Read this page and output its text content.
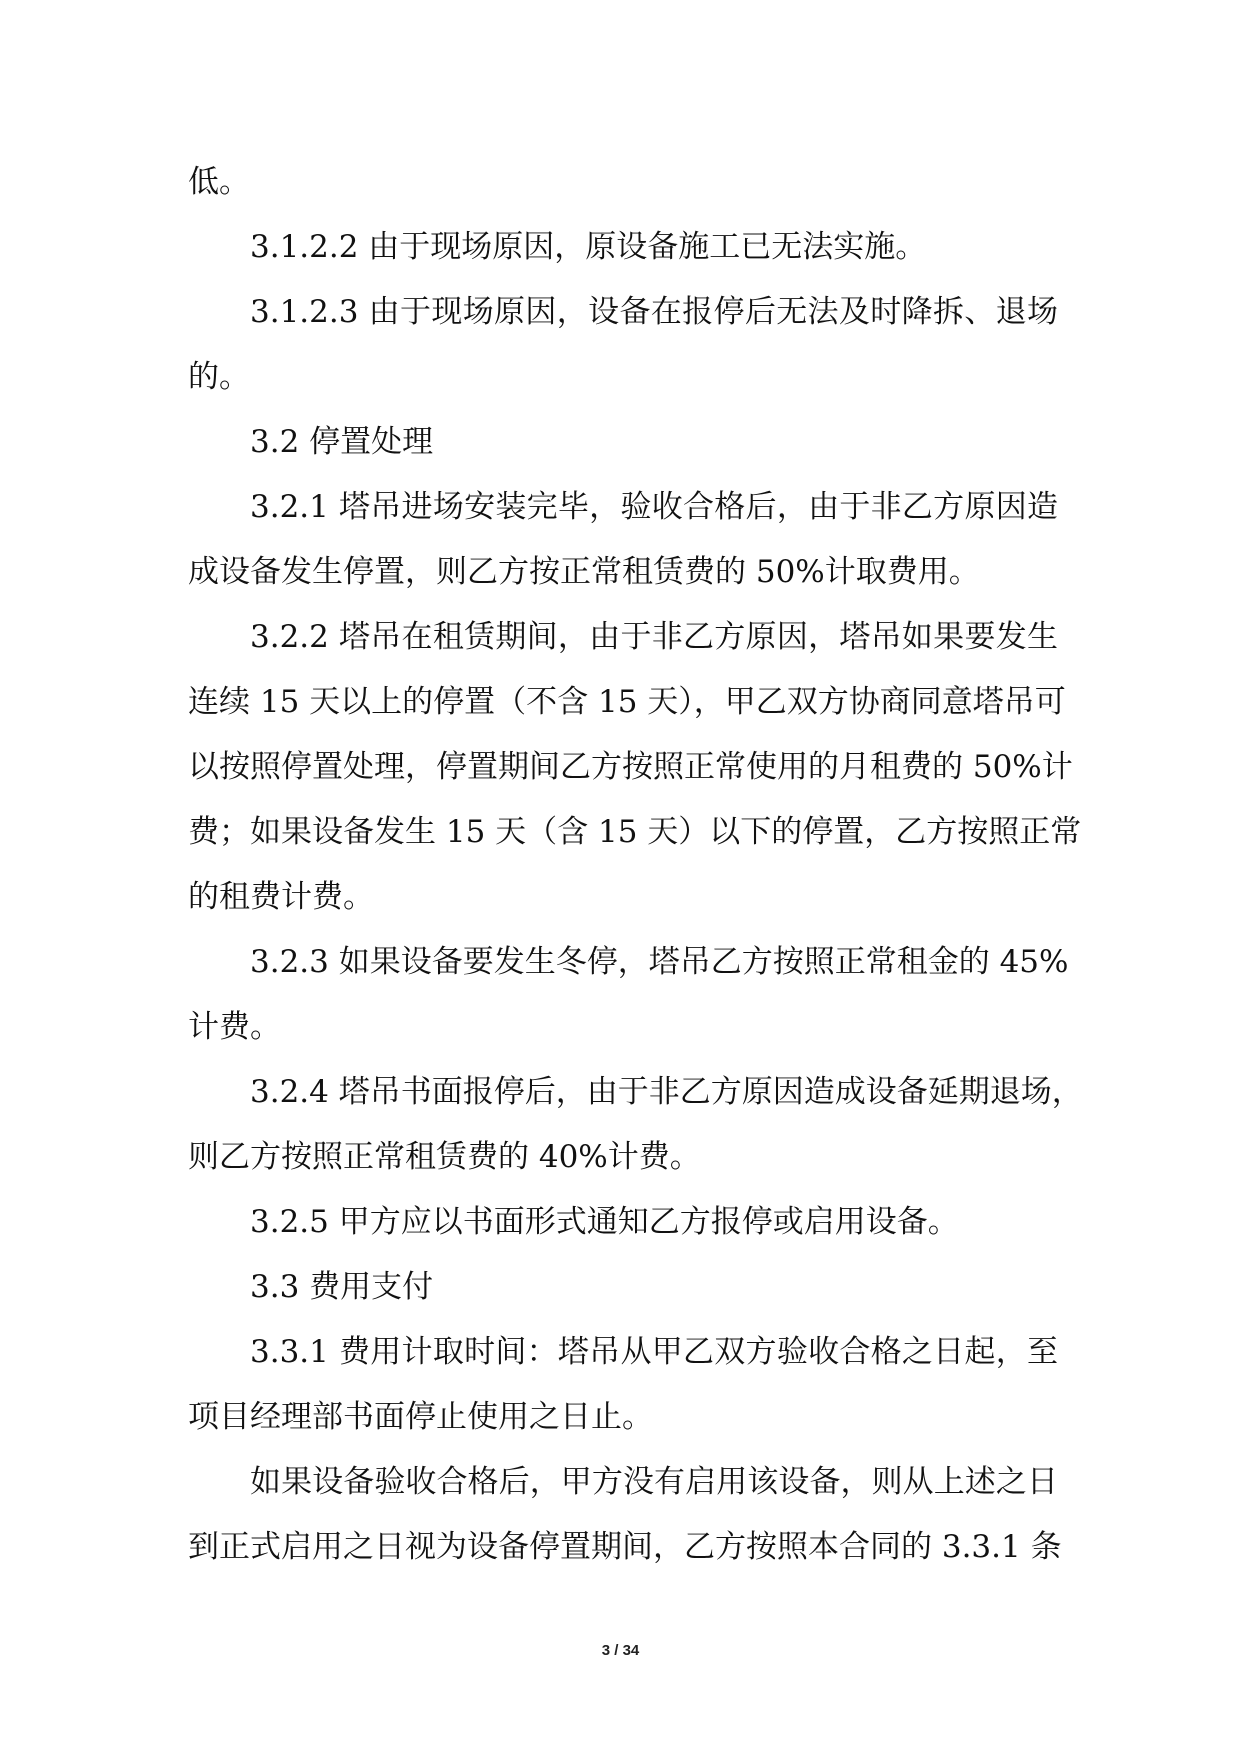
低。
3.1.2.2 由于现场原因，原设备施工已无法实施。
3.1.2.3 由于现场原因，设备在报停后无法及时降拆、退场
的。
3.2 停置处理
3.2.1 塔吊进场安装完毕，验收合格后，由于非乙方原因造
成设备发生停置，则乙方按正常租赁费的 50%计取费用。
3.2.2 塔吊在租赁期间，由于非乙方原因，塔吊如果要发生
连续 15 天以上的停置（不含 15 天），甲乙双方协商同意塔吊可
以按照停置处理，停置期间乙方按照正常使用的月租费的 50%计
费；如果设备发生 15 天（含 15 天）以下的停置，乙方按照正常
的租费计费。
3.2.3 如果设备要发生冬停，塔吊乙方按照正常租金的 45%
计费。
3.2.4 塔吊书面报停后，由于非乙方原因造成设备延期退场，
则乙方按照正常租赁费的 40%计费。
3.2.5 甲方应以书面形式通知乙方报停或启用设备。
3.3 费用支付
3.3.1 费用计取时间：塔吊从甲乙双方验收合格之日起，至
项目经理部书面停止使用之日止。
如果设备验收合格后，甲方没有启用该设备，则从上述之日
到正式启用之日视为设备停置期间，乙方按照本合同的 3.3.1 条
3 / 34
